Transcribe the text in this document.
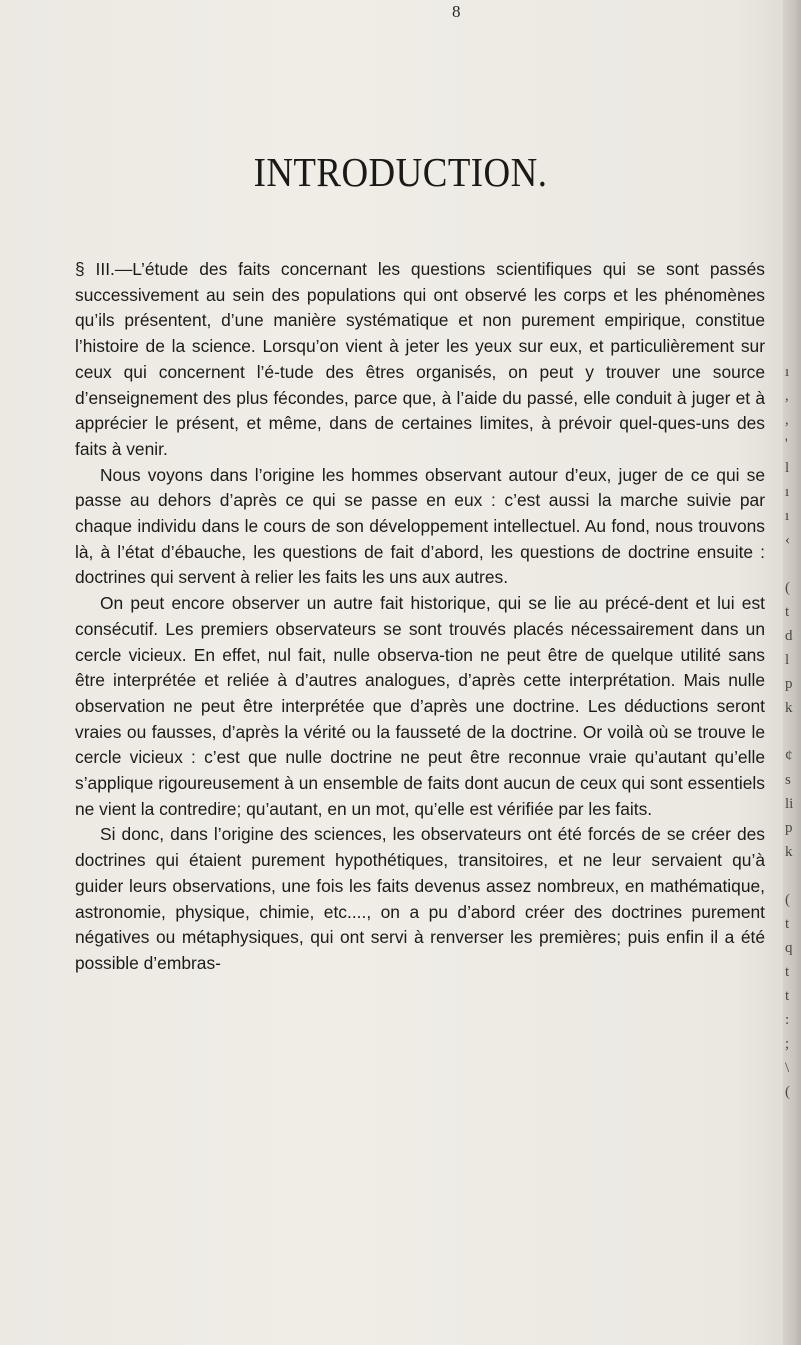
ı
,
,
'
l
ı
ı
‹

(
t
d
l
p
k

¢
s
li
p
k

(
t
q
t
t
:
;
\
(

8
INTRODUCTION.

§ III.—L’étude des faits concernant les questions scientifiques qui se sont passés successivement au sein des populations qui ont observé les corps et les phénomènes qu’ils présentent, d’une manière systématique et non purement empirique, constitue l’histoire de la science. Lorsqu’on vient à jeter les yeux sur eux, et particulièrement sur ceux qui concernent l’é-tude des êtres organisés, on peut y trouver une source d’enseignement des plus fécondes, parce que, à l’aide du passé, elle conduit à juger et à apprécier le présent, et même, dans de certaines limites, à prévoir quel-ques-uns des faits à venir.

Nous voyons dans l’origine les hommes observant autour d’eux, juger de ce qui se passe au dehors d’après ce qui se passe en eux : c’est aussi la marche suivie par chaque individu dans le cours de son développement intellectuel. Au fond, nous trouvons là, à l’état d’ébauche, les questions de fait d’abord, les questions de doctrine ensuite : doctrines qui servent à relier les faits les uns aux autres.

On peut encore observer un autre fait historique, qui se lie au précé-dent et lui est consécutif. Les premiers observateurs se sont trouvés placés nécessairement dans un cercle vicieux. En effet, nul fait, nulle observa-tion ne peut être de quelque utilité sans être interprétée et reliée à d’autres analogues, d’après cette interprétation. Mais nulle observation ne peut être interprétée que d’après une doctrine. Les déductions seront vraies ou fausses, d’après la vérité ou la fausseté de la doctrine. Or voilà où se trouve le cercle vicieux : c’est que nulle doctrine ne peut être reconnue vraie qu’autant qu’elle s’applique rigoureusement à un ensemble de faits dont aucun de ceux qui sont essentiels ne vient la contredire; qu’autant, en un mot, qu’elle est vérifiée par les faits.

Si donc, dans l’origine des sciences, les observateurs ont été forcés de se créer des doctrines qui étaient purement hypothétiques, transitoires, et ne leur servaient qu’à guider leurs observations, une fois les faits devenus assez nombreux, en mathématique, astronomie, physique, chimie, etc...., on a pu d’abord créer des doctrines purement négatives ou métaphysiques, qui ont servi à renverser les premières; puis enfin il a été possible d’embras-
